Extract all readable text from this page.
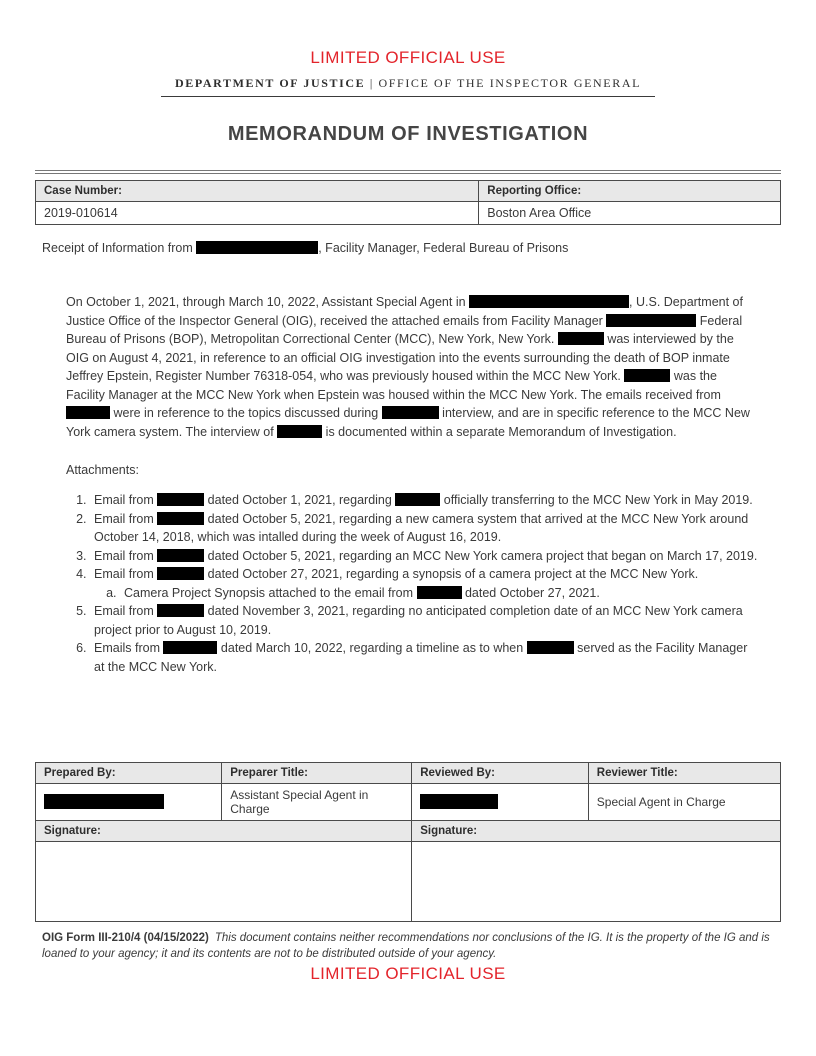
LIMITED OFFICIAL USE
DEPARTMENT OF JUSTICE | OFFICE OF THE INSPECTOR GENERAL
MEMORANDUM OF INVESTIGATION
Case Number:	Reporting Office:
2019-010614	Boston Area Office

Receipt of Information from	, Facility Manager, Federal Bureau of Prisons

On October 1, 2021, through March 10, 2022, Assistant Special Agent in	, U.S. Department of Justice Office of the Inspector General (OIG), received the attached emails from Facility Manager	Federal Bureau of Prisons (BOP), Metropolitan Correctional Center (MCC), New York, New York.	was interviewed by the OIG on August 4, 2021, in reference to an official OIG investigation into the events surrounding the death of BOP inmate Jeffrey Epstein, Register Number 76318-054, who was previously housed within the MCC New York.	was the Facility Manager at the MCC New York when Epstein was housed within the MCC New York. The emails received from  were in reference to the topics discussed during	interview, and are in specific reference to the MCC New York camera system. The interview of	is documented within a separate Memorandum of Investigation.

Attachments:

1. Email from	dated October 1, 2021, regarding	officially transferring to the MCC New York in May 2019.
2. Email from	dated October 5, 2021, regarding a new camera system that arrived at the MCC New York around October 14, 2018, which was intalled during the week of August 16, 2019.
3. Email from	dated October 5, 2021, regarding an MCC New York camera project that began on March 17, 2019.
4. Email from	dated October 27, 2021, regarding a synopsis of a camera project at the MCC New York.
a. Camera Project Synopsis attached to the email from	dated October 27, 2021.
5. Email from	dated November 3, 2021, regarding no anticipated completion date of an MCC New York camera project prior to August 10, 2019.
6. Emails from	dated March 10, 2022, regarding a timeline as to when	served as the Facility Manager at the MCC New York.
Prepared By:	Preparer Title:	Reviewed By:	Reviewer Title:
	Assistant Special Agent in Charge		Special Agent in Charge
Signature:		Signature:	

OIG Form III-210/4 (04/15/2022) This document contains neither recommendations nor conclusions of the IG. It is the property of the IG and is loaned to your agency; it and its contents are not to be distributed outside of your agency.

LIMITED OFFICIAL USE
